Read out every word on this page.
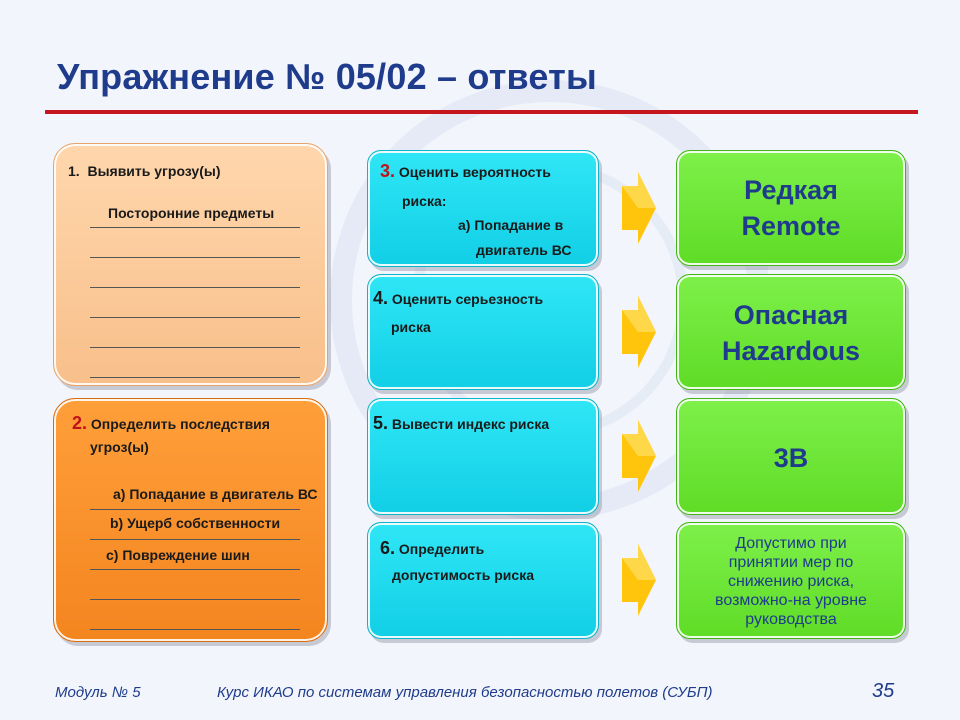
Упражнение № 05/02 – ответы
1. Выявить угрозу(ы)
Посторонние предметы
2. Определить последствия
угроз(ы)
a) Попадание в двигатель ВС
b) Ущерб собственности
c) Повреждение шин
3. Оценить вероятность
риска:
a) Попадание в
двигатель ВС
4. Оценить серьезность
риска
5. Вывести индекс риска
6. Определить
допустимость риска
Редкая
Remote
Опасная
Hazardous
3B
Допустимо при
принятии мер по
снижению риска,
возможно-на уровне
руководства
Модуль № 5	Курс ИКАО по системам управления безопасностью полетов (СУБП)	35
